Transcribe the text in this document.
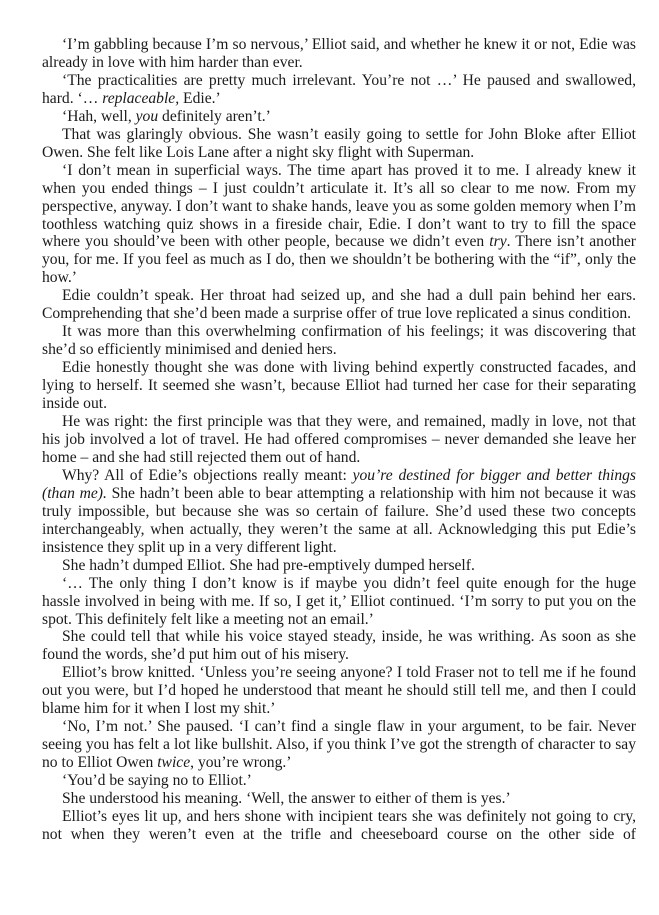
‘I’m gabbling because I’m so nervous,’ Elliot said, and whether he knew it or not, Edie was already in love with him harder than ever.

‘The practicalities are pretty much irrelevant. You’re not …’ He paused and swallowed, hard. ‘… replaceable, Edie.’

‘Hah, well, you definitely aren’t.’

That was glaringly obvious. She wasn’t easily going to settle for John Bloke after Elliot Owen. She felt like Lois Lane after a night sky flight with Superman.

‘I don’t mean in superficial ways. The time apart has proved it to me. I already knew it when you ended things – I just couldn’t articulate it. It’s all so clear to me now. From my perspective, anyway. I don’t want to shake hands, leave you as some golden memory when I’m toothless watching quiz shows in a fireside chair, Edie. I don’t want to try to fill the space where you should’ve been with other people, because we didn’t even try. There isn’t another you, for me. If you feel as much as I do, then we shouldn’t be bothering with the “if”, only the how.’

Edie couldn’t speak. Her throat had seized up, and she had a dull pain behind her ears. Comprehending that she’d been made a surprise offer of true love replicated a sinus condition.

It was more than this overwhelming confirmation of his feelings; it was discovering that she’d so efficiently minimised and denied hers.

Edie honestly thought she was done with living behind expertly constructed facades, and lying to herself. It seemed she wasn’t, because Elliot had turned her case for their separating inside out.

He was right: the first principle was that they were, and remained, madly in love, not that his job involved a lot of travel. He had offered compromises – never demanded she leave her home – and she had still rejected them out of hand.

Why? All of Edie’s objections really meant: you’re destined for bigger and better things (than me). She hadn’t been able to bear attempting a relationship with him not because it was truly impossible, but because she was so certain of failure. She’d used these two concepts interchangeably, when actually, they weren’t the same at all. Acknowledging this put Edie’s insistence they split up in a very different light.

She hadn’t dumped Elliot. She had pre-emptively dumped herself.

‘… The only thing I don’t know is if maybe you didn’t feel quite enough for the huge hassle involved in being with me. If so, I get it,’ Elliot continued. ‘I’m sorry to put you on the spot. This definitely felt like a meeting not an email.’

She could tell that while his voice stayed steady, inside, he was writhing. As soon as she found the words, she’d put him out of his misery.

Elliot’s brow knitted. ‘Unless you’re seeing anyone? I told Fraser not to tell me if he found out you were, but I’d hoped he understood that meant he should still tell me, and then I could blame him for it when I lost my shit.’

‘No, I’m not.’ She paused. ‘I can’t find a single flaw in your argument, to be fair. Never seeing you has felt a lot like bullshit. Also, if you think I’ve got the strength of character to say no to Elliot Owen twice, you’re wrong.’

‘You’d be saying no to Elliot.’

She understood his meaning. ‘Well, the answer to either of them is yes.’

Elliot’s eyes lit up, and hers shone with incipient tears she was definitely not going to cry, not when they weren’t even at the trifle and cheeseboard course on the other side of
